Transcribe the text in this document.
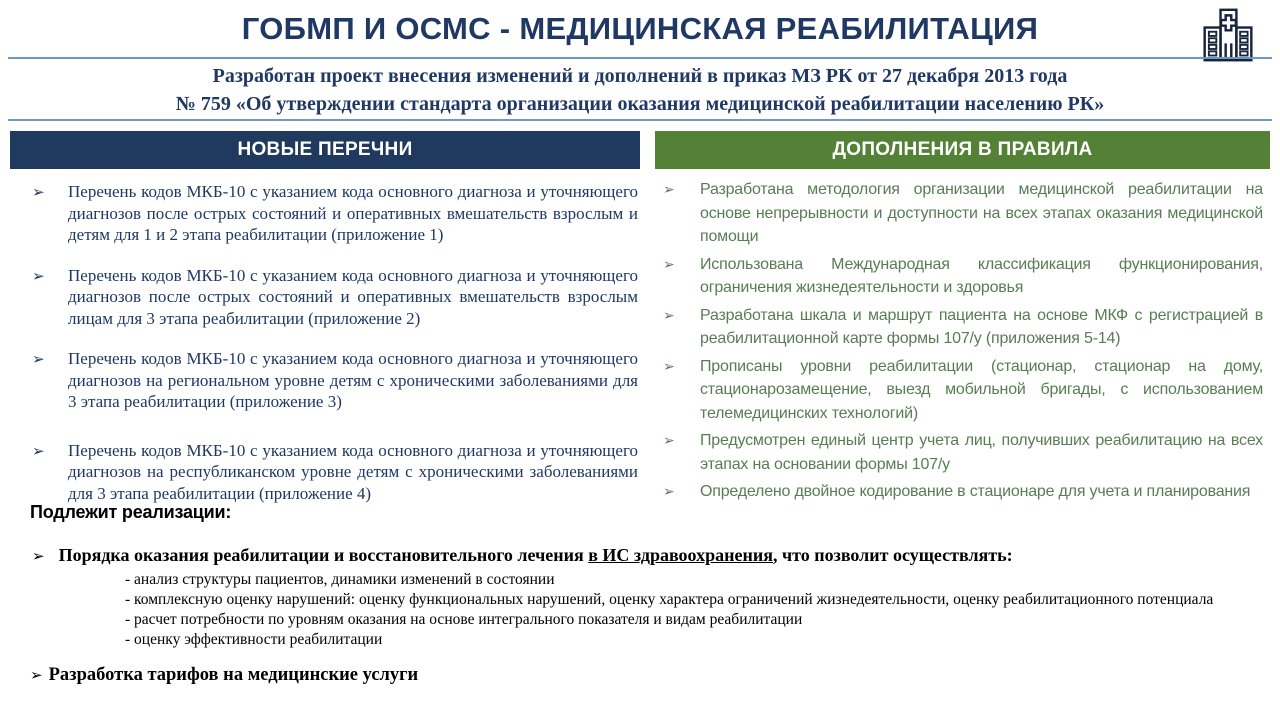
ГОБМП И ОСМС - МЕДИЦИНСКАЯ РЕАБИЛИТАЦИЯ
Разработан проект внесения изменений и дополнений в приказ МЗ РК от 27 декабря 2013 года
№ 759 «Об утверждении стандарта организации оказания медицинской реабилитации населению РК»
НОВЫЕ ПЕРЕЧНИ	ДОПОЛНЕНИЯ В ПРАВИЛА
➢ Перечень кодов МКБ-10 с указанием кода основного диагноза и уточняющего диагнозов после острых состояний и оперативных вмешательств взрослым и детям для 1 и 2 этапа реабилитации (приложение 1)
➢ Перечень кодов МКБ-10 с указанием кода основного диагноза и уточняющего диагнозов после острых состояний и оперативных вмешательств взрослым лицам для 3 этапа реабилитации (приложение 2)
➢ Перечень кодов МКБ-10 с указанием кода основного диагноза и уточняющего диагнозов на региональном уровне детям с хроническими заболеваниями для 3 этапа реабилитации (приложение 3)
➢ Перечень кодов МКБ-10 с указанием кода основного диагноза и уточняющего диагнозов на республиканском уровне детям с хроническими заболеваниями для 3 этапа реабилитации (приложение 4)
➢ Разработана методология организации медицинской реабилитации на основе непрерывности и доступности на всех этапах оказания медицинской помощи
➢ Использована Международная классификация функционирования, ограничения жизнедеятельности и здоровья
➢ Разработана шкала и маршрут пациента на основе МКФ с регистрацией в реабилитационной карте формы 107/у (приложения 5-14)
➢ Прописаны уровни реабилитации (стационар, стационар на дому, стационарозамещение, выезд мобильной бригады, с использованием телемедицинских технологий)
➢ Предусмотрен единый центр учета лиц, получивших реабилитацию на всех этапах на основании формы 107/у
➢ Определено двойное кодирование в стационаре для учета и планирования
Подлежит реализации:
➢ Порядка оказания реабилитации и восстановительного лечения в ИС здравоохранения, что позволит осуществлять:
- анализ структуры пациентов, динамики изменений в состоянии
- комплексную оценку нарушений: оценку функциональных нарушений, оценку характера ограничений жизнедеятельности, оценку реабилитационного потенциала
- расчет потребности по уровням оказания на основе интегрального показателя и видам реабилитации
- оценку эффективности реабилитации
➢ Разработка тарифов на медицинские услуги
